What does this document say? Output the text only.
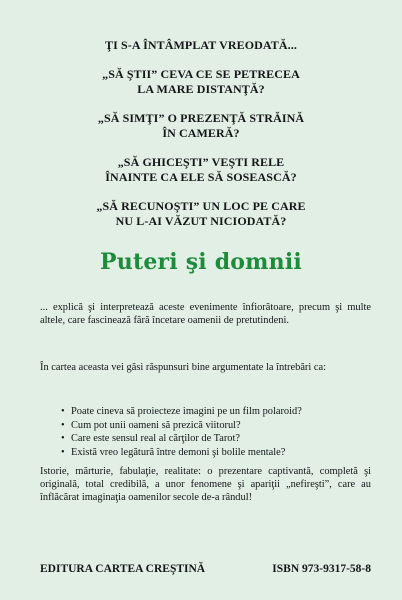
ŢI S-A ÎNTÂMPLAT VREODATĂ...

„SĂ ŞTII” CEVA CE SE PETRECEA
LA MARE DISTANŢĂ?

„SĂ SIMŢI” O PREZENŢĂ STRĂINĂ
ÎN CAMERĂ?

„SĂ GHICEŞTI” VEŞTI RELE
ÎNAINTE CA ELE SĂ SOSEASCĂ?

„SĂ RECUNOŞTI” UN LOC PE CARE
NU L-AI VĂZUT NICIODATĂ?

Puteri şi domnii
... explică şi interpretează aceste evenimente înfiorătoare, precum şi multe altele, care fascinează fără încetare oamenii de pretutindeni.
În cartea aceasta vei găsi răspunsuri bine argumentate la întrebări ca:
• Poate cineva să proiecteze imagini pe un film polaroid?
• Cum pot unii oameni să prezică viitorul?
• Care este sensul real al cărţilor de Tarot?
• Există vreo legătură între demoni şi bolile mentale?
Istorie, mărturie, fabulaţie, realitate: o prezentare captivantă, completă şi originală, total credibilă, a unor fenomene şi apariţii „nefireşti”, care au înflăcărat imaginaţia oamenilor secole de-a rândul!
EDITURA CARTEA CREŞTINĂ	ISBN 973-9317-58-8
